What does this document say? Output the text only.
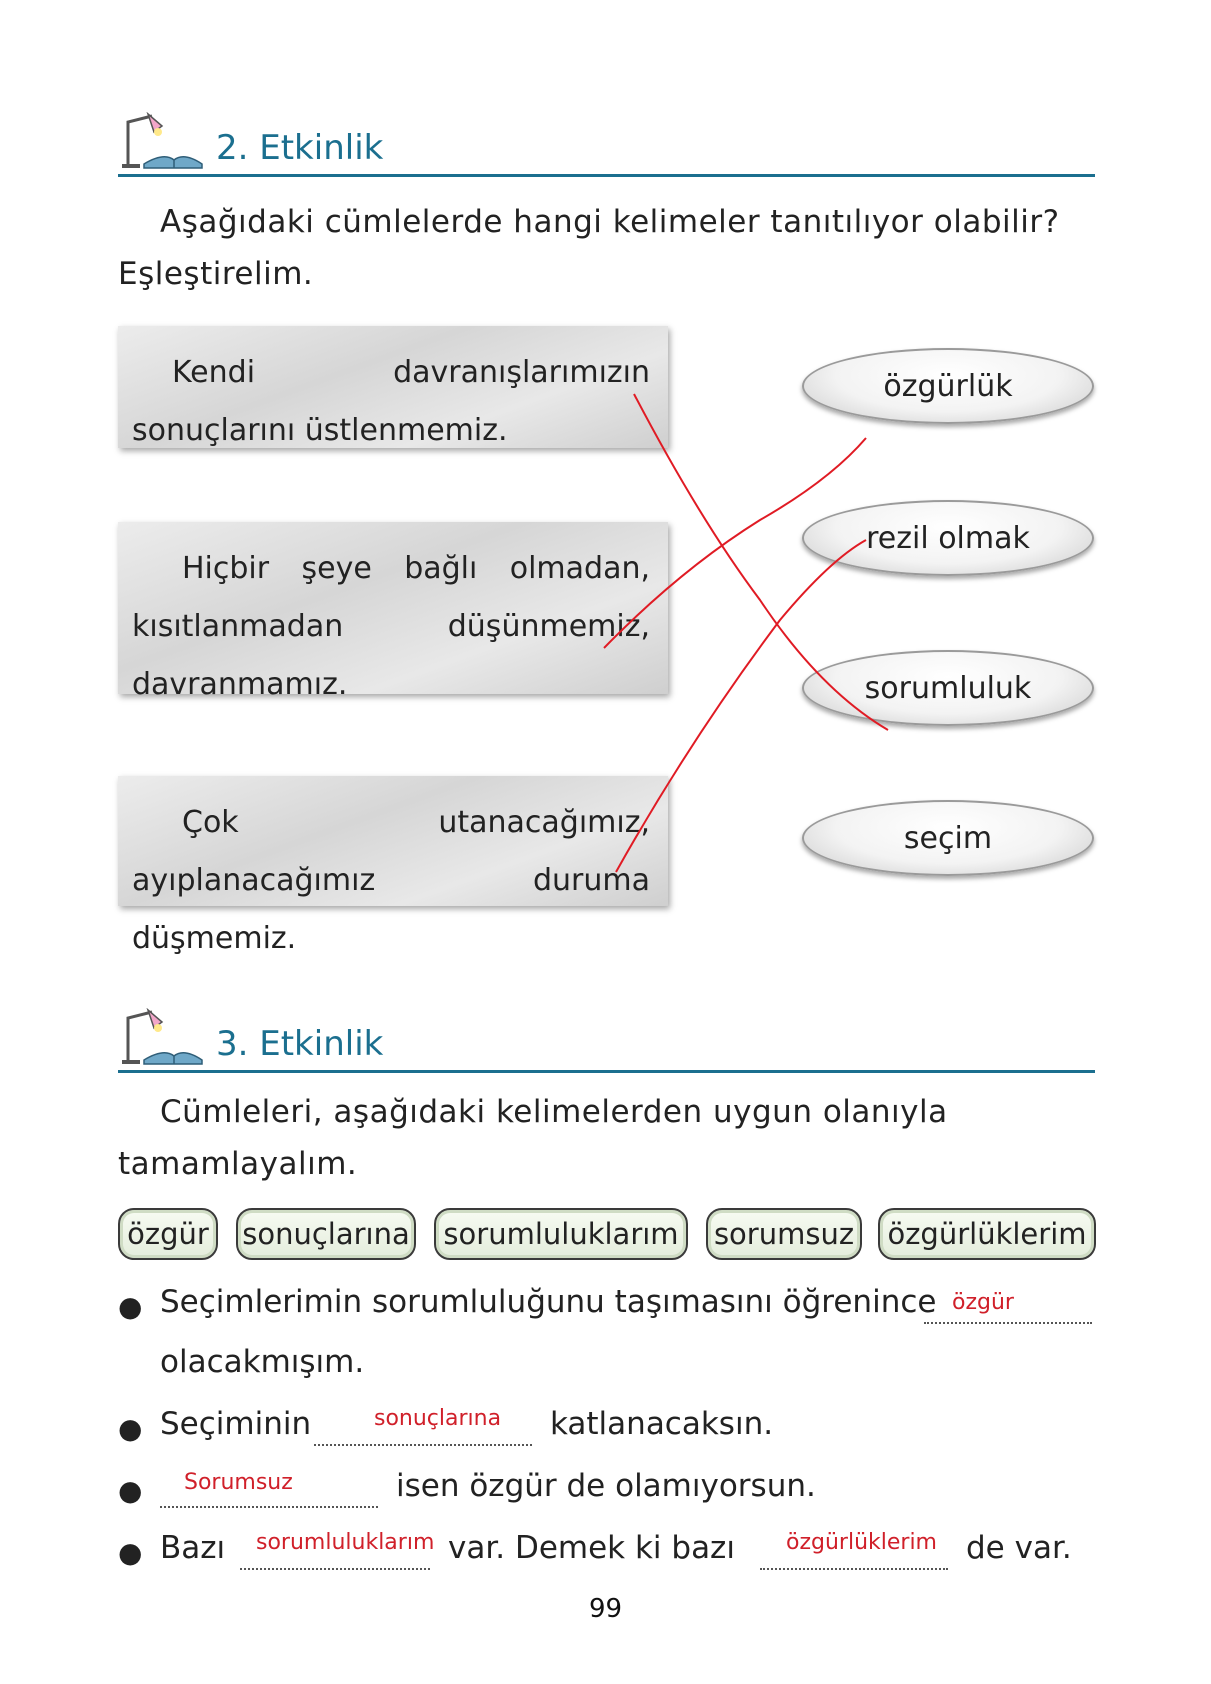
2. Etkinlik
Aşağıdaki cümlelerde hangi kelimeler tanıtılıyor olabilir?
Eşleştirelim.
Kendi davranışlarımızın sonuçlarını üstlenmemiz.
Hiçbir şeye bağlı olmadan, kısıtlanmadan düşünmemiz, davranmamız.
Çok utanacağımız, ayıplanacağımız duruma düşmemiz.
özgürlük
rezil olmak
sorumluluk
seçim
3. Etkinlik
Cümleleri, aşağıdaki kelimelerden uygun olanıyla
tamamlayalım.
özgür	sonuçlarına	sorumluluklarım	sorumsuz	özgürlüklerim
● Seçimlerimin sorumluluğunu taşımasını öğrenince özgür
olacakmışım.
● Seçiminin	sonuçlarına katlanacaksın.
● Sorumsuz	isen özgür de olamıyorsun.
● Bazı sorumluluklarım var. Demek ki bazı özgürlüklerim de var.
99
